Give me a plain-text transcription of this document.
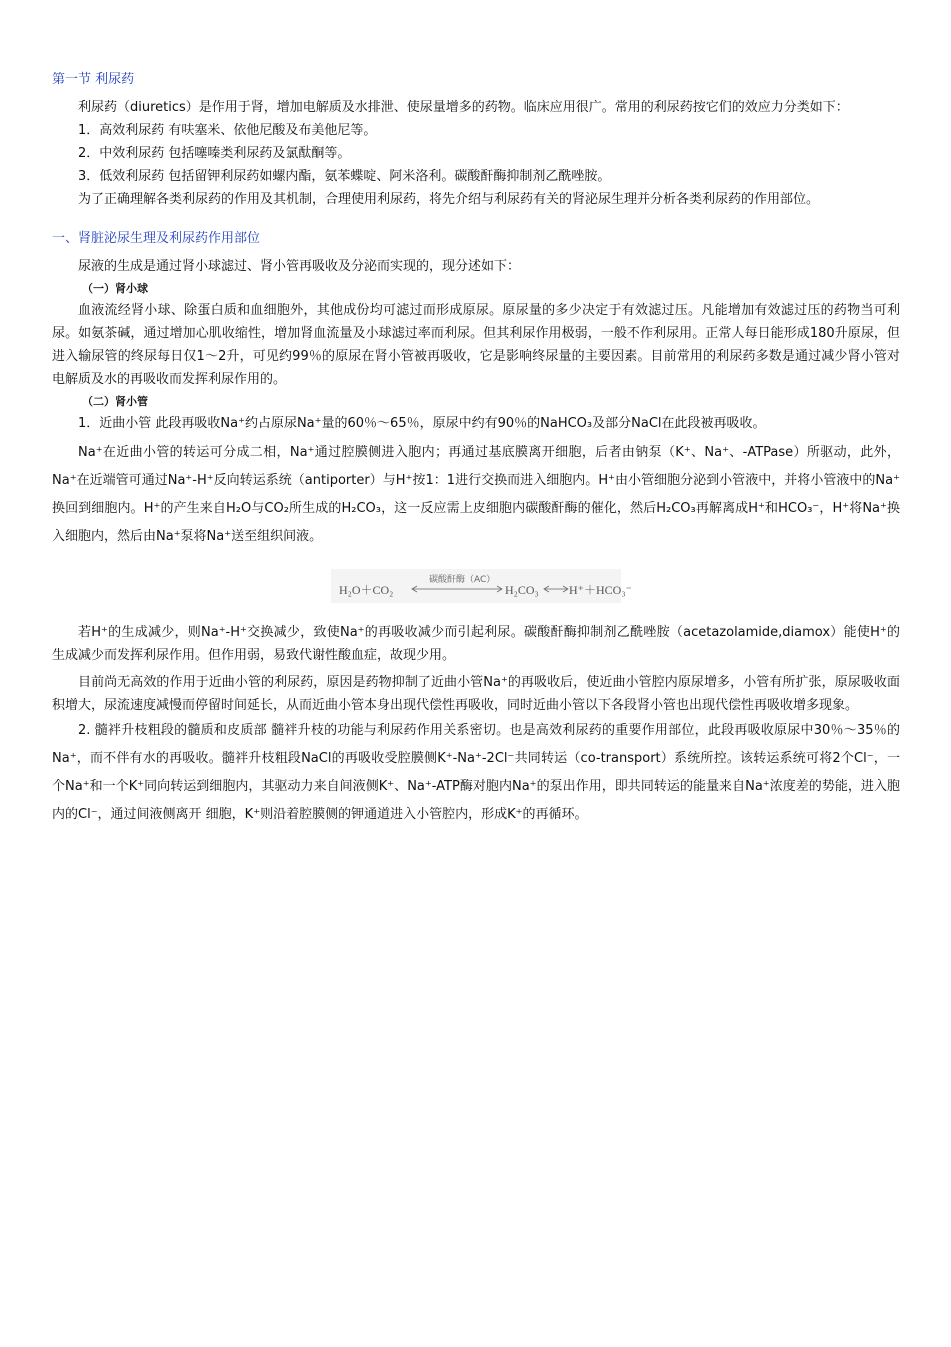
第一节 利尿药

利尿药（diuretics）是作用于肾，增加电解质及水排泄、使尿量增多的药物。临床应用很广。常用的利尿药按它们的效应力分类如下：

1．高效利尿药 有呋塞米、依他尼酸及布美他尼等。

2．中效利尿药 包括噻嗪类利尿药及氯酞酮等。

3．低效利尿药 包括留钾利尿药如螺内酯，氨苯蝶啶、阿米洛利。碳酸酐酶抑制剂乙酰唑胺。

为了正确理解各类利尿药的作用及其机制，合理使用利尿药，将先介绍与利尿药有关的肾泌尿生理并分析各类利尿药的作用部位。

一、肾脏泌尿生理及利尿药作用部位

尿液的生成是通过肾小球滤过、肾小管再吸收及分泌而实现的，现分述如下：

（一）肾小球

血液流经肾小球、除蛋白质和血细胞外，其他成份均可滤过而形成原尿。原尿量的多少决定于有效滤过压。凡能增加有效滤过压的药物当可利尿。如氨茶碱，通过增加心肌收缩性，增加肾血流量及小球滤过率而利尿。但其利尿作用极弱，一般不作利尿用。正常人每日能形成180升原尿，但进入输尿管的终尿每日仅1～2升，可见约99％的原尿在肾小管被再吸收，它是影响终尿量的主要因素。目前常用的利尿药多数是通过减少肾小管对电解质及水的再吸收而发挥利尿作用的。

（二）肾小管

1．近曲小管 此段再吸收Na⁺约占原尿Na⁺量的60％～65％，原尿中约有90％的NaHCO₃及部分NaCl在此段被再吸收。

Na⁺在近曲小管的转运可分成二相，Na⁺通过腔膜侧进入胞内；再通过基底膜离开细胞，后者由钠泵（K⁺、Na⁺、-ATPase）所驱动，此外，Na⁺在近端管可通过Na⁺-H⁺反向转运系统（antiporter）与H⁺按1：1进行交换而进入细胞内。H⁺由小管细胞分泌到小管液中，并将小管液中的Na⁺换回到细胞内。H⁺的产生来自H₂O与CO₂所生成的H₂CO₃，这一反应需上皮细胞内碳酸酐酶的催化，然后H₂CO₃再解离成H⁺和HCO₃⁻，H⁺将Na⁺换入细胞内，然后由Na⁺泵将Na⁺送至组织间液。

H₂O＋CO₂
碳酸酐酶（AC）
H₂CO₃	H⁺＋HCO₃⁻

若H⁺的生成减少，则Na⁺-H⁺交换减少，致使Na⁺的再吸收减少而引起利尿。碳酸酐酶抑制剂乙酰唑胺（acetazolamide,diamox）能使H⁺的生成减少而发挥利尿作用。但作用弱，易致代谢性酸血症，故现少用。

目前尚无高效的作用于近曲小管的利尿药，原因是药物抑制了近曲小管Na⁺的再吸收后，使近曲小管腔内原尿增多，小管有所扩张，原尿吸收面积增大，尿流速度减慢而停留时间延长，从而近曲小管本身出现代偿性再吸收，同时近曲小管以下各段肾小管也出现代偿性再吸收增多现象。

2. 髓袢升枝粗段的髓质和皮质部 髓袢升枝的功能与利尿药作用关系密切。也是高效利尿药的重要作用部位，此段再吸收原尿中30％～35％的Na⁺，而不伴有水的再吸收。髓袢升枝粗段NaCl的再吸收受腔膜侧K⁺-Na⁺-2Cl⁻共同转运（co-transport）系统所控。该转运系统可将2个Cl⁻，一个Na⁺和一个K⁺同向转运到细胞内，其驱动力来自间液侧K⁺、Na⁺-ATP酶对胞内Na⁺的泵出作用，即共同转运的能量来自Na⁺浓度差的势能，进入胞内的Cl⁻，通过间液侧离开 细胞，K⁺则沿着腔膜侧的钾通道进入小管腔内，形成K⁺的再循环。
